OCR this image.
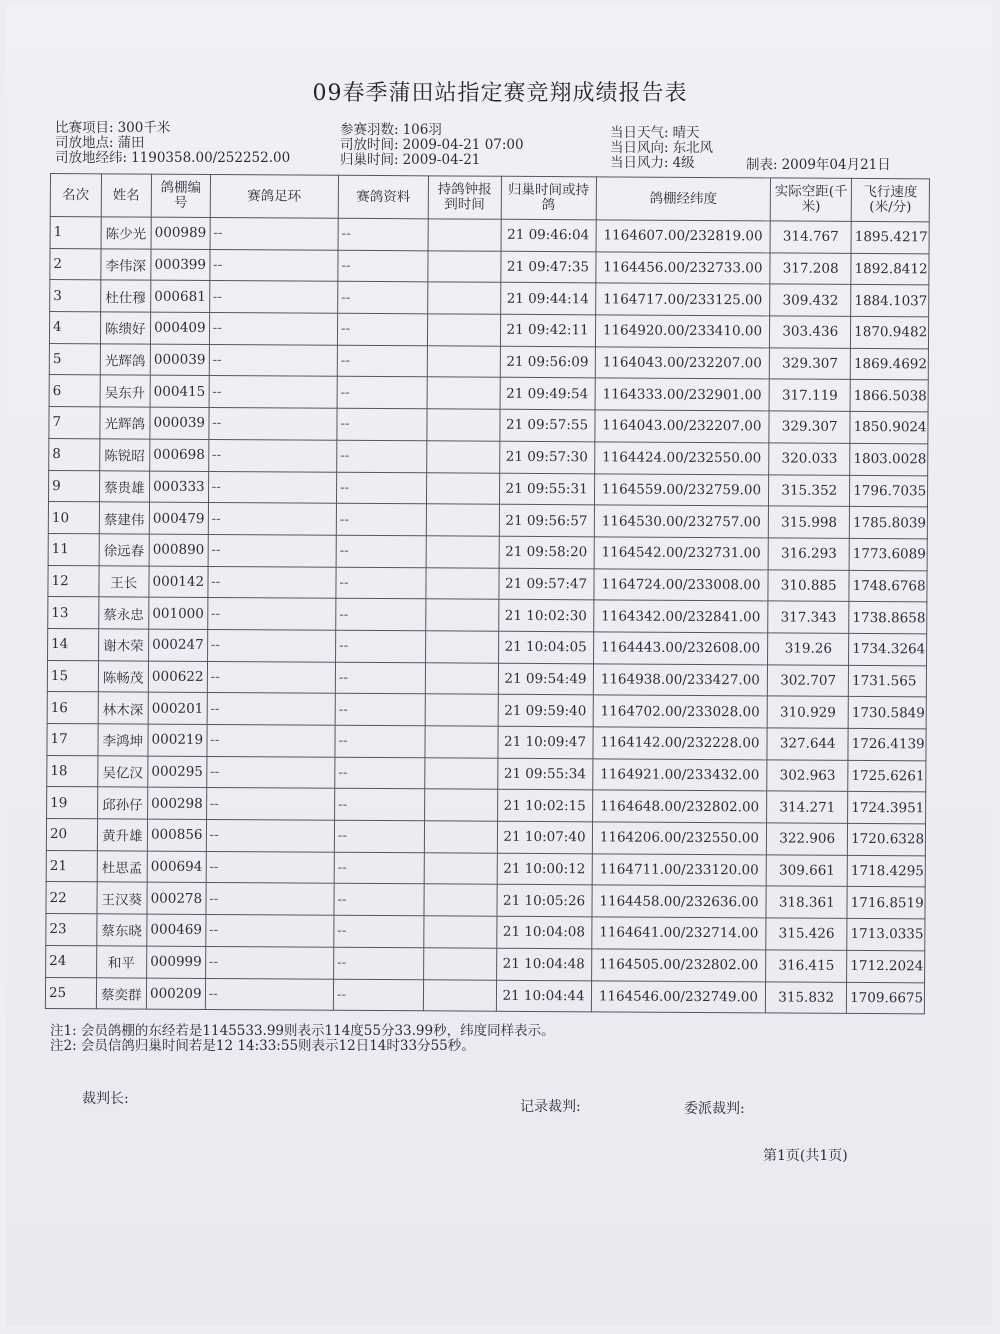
09春季蒲田站指定赛竞翔成绩报告表
比赛项目: 300千米
司放地点: 蒲田
司放地经纬: 1190358.00/252252.00
参赛羽数: 106羽
司放时间: 2009-04-21 07:00
归巢时间: 2009-04-21
当日天气: 晴天
当日风向: 东北风
当日风力: 4级	制表: 2009年04月21日
名次	姓名	鸽棚编号	赛鸽足环	赛鸽资料	持鸽钟报到时间	归巢时间或持鸽	鸽棚经纬度	实际空距(千米)	飞行速度(米/分)
1	陈少光	000989	--	--		21 09:46:04	1164607.00/232819.00	314.767	1895.4217
2	李伟深	000399	--	--		21 09:47:35	1164456.00/232733.00	317.208	1892.8412
3	杜仕穆	000681	--	--		21 09:44:14	1164717.00/233125.00	309.432	1884.1037
4	陈缋好	000409	--	--		21 09:42:11	1164920.00/233410.00	303.436	1870.9482
5	光辉鸽	000039	--	--		21 09:56:09	1164043.00/232207.00	329.307	1869.4692
6	吴东升	000415	--	--		21 09:49:54	1164333.00/232901.00	317.119	1866.5038
7	光辉鸽	000039	--	--		21 09:57:55	1164043.00/232207.00	329.307	1850.9024
8	陈锐昭	000698	--	--		21 09:57:30	1164424.00/232550.00	320.033	1803.0028
9	蔡贵雄	000333	--	--		21 09:55:31	1164559.00/232759.00	315.352	1796.7035
10	蔡建伟	000479	--	--		21 09:56:57	1164530.00/232757.00	315.998	1785.8039
11	徐远春	000890	--	--		21 09:58:20	1164542.00/232731.00	316.293	1773.6089
12	王长	000142	--	--		21 09:57:47	1164724.00/233008.00	310.885	1748.6768
13	蔡永忠	001000	--	--		21 10:02:30	1164342.00/232841.00	317.343	1738.8658
14	谢木荣	000247	--	--		21 10:04:05	1164443.00/232608.00	319.26	1734.3264
15	陈畅茂	000622	--	--		21 09:54:49	1164938.00/233427.00	302.707	1731.565
16	林木深	000201	--	--		21 09:59:40	1164702.00/233028.00	310.929	1730.5849
17	李鸿坤	000219	--	--		21 10:09:47	1164142.00/232228.00	327.644	1726.4139
18	吴亿汉	000295	--	--		21 09:55:34	1164921.00/233432.00	302.963	1725.6261
19	邱孙仔	000298	--	--		21 10:02:15	1164648.00/232802.00	314.271	1724.3951
20	黄升雄	000856	--	--		21 10:07:40	1164206.00/232550.00	322.906	1720.6328
21	杜思孟	000694	--	--		21 10:00:12	1164711.00/233120.00	309.661	1718.4295
22	王汉葵	000278	--	--		21 10:05:26	1164458.00/232636.00	318.361	1716.8519
23	蔡东晓	000469	--	--		21 10:04:08	1164641.00/232714.00	315.426	1713.0335
24	和平	000999	--	--		21 10:04:48	1164505.00/232802.00	316.415	1712.2024
25	蔡奕群	000209	--	--		21 10:04:44	1164546.00/232749.00	315.832	1709.6675
注1: 会员鸽棚的东经若是1145533.99则表示114度55分33.99秒，纬度同样表示。
注2: 会员信鸽归巢时间若是12 14:33:55则表示12日14时33分55秒。
裁判长:	记录裁判:	委派裁判:
第1页(共1页)
